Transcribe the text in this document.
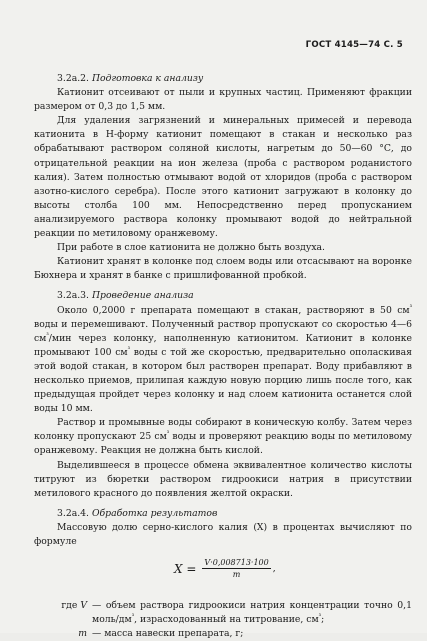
ГОСТ 4145—74 С. 5

3.2а.2. Подготовка к анализу

Катионит отсеивают от пыли и крупных частиц. Применяют фракции размером от 0,3 до 1,5 мм.

Для удаления загрязнений и минеральных примесей и перевода катионита в Н-форму катионит помещают в стакан и несколько раз обрабатывают раствором соляной кислоты, нагретым до 50—60 °С, до отрицательной реакции на ион железа (проба с раствором роданистого калия). Затем полностью отмывают водой от хлоридов (проба с раствором азотно-кислого серебра). После этого катионит загружают в колонку до высоты столба 100 мм. Непосредственно перед пропусканием анализируемого раствора колонку промывают водой до нейтральной реакции по метиловому оранжевому.

При работе в слое катионита не должно быть воздуха.

Катионит хранят в колонке под слоем воды или отсасывают на воронке Бюхнера и хранят в банке с пришлифованной пробкой.

3.2а.3. Проведение анализа

Около 0,2000 г препарата помещают в стакан, растворяют в 50 $см^{^3}$ воды и перемешивают. Полученный раствор пропускают со скоростью 4—6 $см^{^3}$/мин через колонку, наполненную катионитом. Катионит в колонке промывают 100 $см^{^3}$ воды с той же скоростью, предварительно ополаскивая этой водой стакан, в котором был растворен препарат. Воду прибавляют в несколько приемов, прилипая каждую новую порцию лишь после того, как предыдущая пройдет через колонку и над слоем катионита останется слой воды 10 мм.

Раствор и промывные воды собирают в коническую колбу. Затем через колонку пропускают 25 $см^{^3}$ воды и проверяют реакцию воды по метиловому оранжевому. Реакция не должна быть кислой.

Выделившееся в процессе обмена эквивалентное количество кислоты титруют из бюретки раствором гидроокиси натрия в присутствии метилового красного до появления желтой окраски.

3.2а.4. Обработка результатов

Массовую долю серно-кислого калия (X) в процентах вычисляют по формуле

$X = \frac{V\cdot 0,008713\cdot 100}{m}$ ,
где V — объем раствора гидроокиси натрия концентрации точно 0,1 моль/$дм^{^3}$, израсходованный на титрование, $см^{^3}$;
m — масса навески препарата, г;
